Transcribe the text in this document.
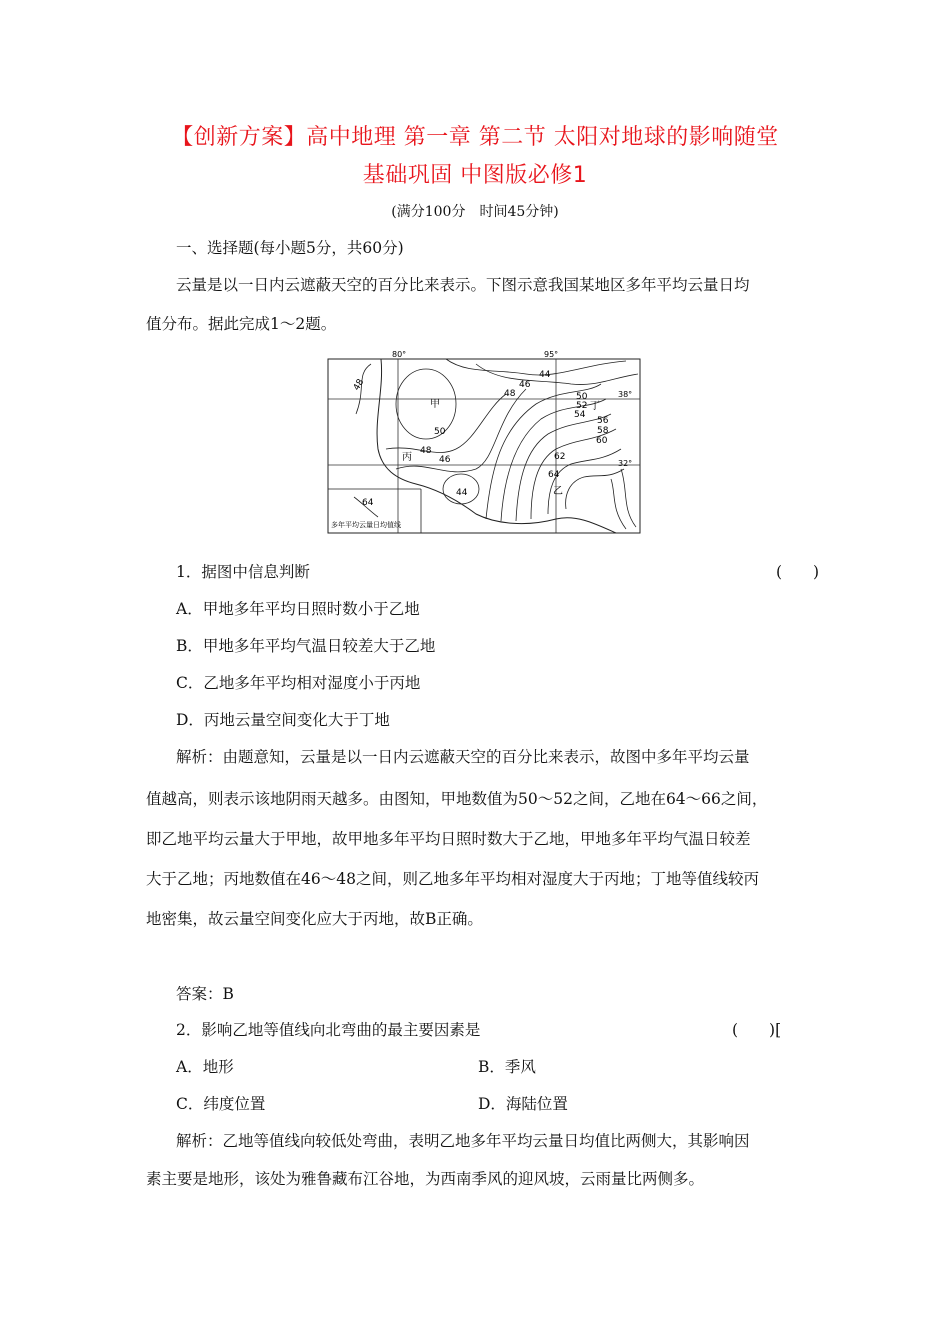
【创新方案】高中地理 第一章 第二节 太阳对地球的影响随堂
基础巩固 中图版必修1
(满分100分　时间45分钟)
一、选择题(每小题5分，共60分)
云量是以一日内云遮蔽天空的百分比来表示。下图示意我国某地区多年平均云量日均
值分布。据此完成1～2题。
80°	95°
38°
32°
48
44
46
48	50
52
54
56
58
60
62
64
50
48
46
44
甲
乙
丙
丁
64
多年平均云量日均值线
1．据图中信息判断	(　　)
A．甲地多年平均日照时数小于乙地
B．甲地多年平均气温日较差大于乙地
C．乙地多年平均相对湿度小于丙地
D．丙地云量空间变化大于丁地
解析：由题意知，云量是以一日内云遮蔽天空的百分比来表示，故图中多年平均云量
值越高，则表示该地阴雨天越多。由图知，甲地数值为50～52之间，乙地在64～66之间，
即乙地平均云量大于甲地，故甲地多年平均日照时数大于乙地，甲地多年平均气温日较差
大于乙地；丙地数值在46～48之间，则乙地多年平均相对湿度大于丙地；丁地等值线较丙
地密集，故云量空间变化应大于丙地，故B正确。
答案：B
2．影响乙地等值线向北弯曲的最主要因素是	(　　)[
A．地形	B．季风
C．纬度位置	D．海陆位置
解析：乙地等值线向较低处弯曲，表明乙地多年平均云量日均值比两侧大，其影响因
素主要是地形，该处为雅鲁藏布江谷地，为西南季风的迎风坡，云雨量比两侧多。
